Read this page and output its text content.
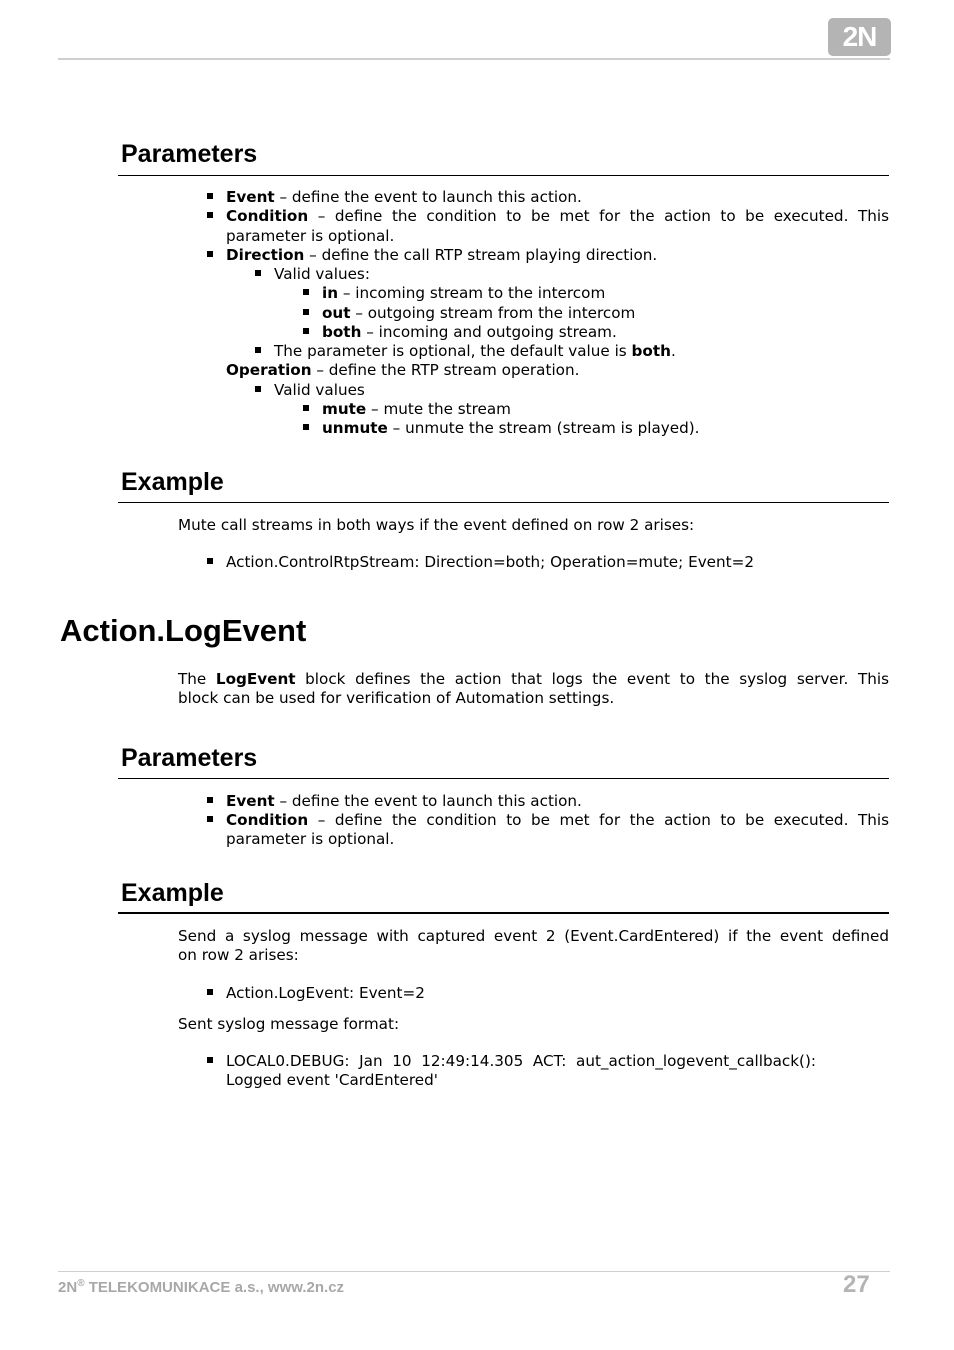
2N
Parameters
Event – define the event to launch this action.
Condition – define the condition to be met for the action to be executed. This
parameter is optional.
Direction – define the call RTP stream playing direction.
Valid values:
in – incoming stream to the intercom
out – outgoing stream from the intercom
both – incoming and outgoing stream.
The parameter is optional, the default value is both.
Operation – define the RTP stream operation.
Valid values
mute – mute the stream
unmute – unmute the stream (stream is played).
Example
Mute call streams in both ways if the event defined on row 2 arises:
Action.ControlRtpStream: Direction=both; Operation=mute; Event=2
Action.LogEvent
The LogEvent block defines the action that logs the event to the syslog server. This
block can be used for verification of Automation settings.
Parameters
Event – define the event to launch this action.
Condition – define the condition to be met for the action to be executed. This
parameter is optional.
Example
Send a syslog message with captured event 2 (Event.CardEntered) if the event defined
on row 2 arises:
Action.LogEvent: Event=2
Sent syslog message format:
LOCAL0.DEBUG:  Jan  10  12:49:14.305  ACT:  aut_action_logevent_callback():
Logged event 'CardEntered'
2N® TELEKOMUNIKACE a.s., www.2n.cz	27
